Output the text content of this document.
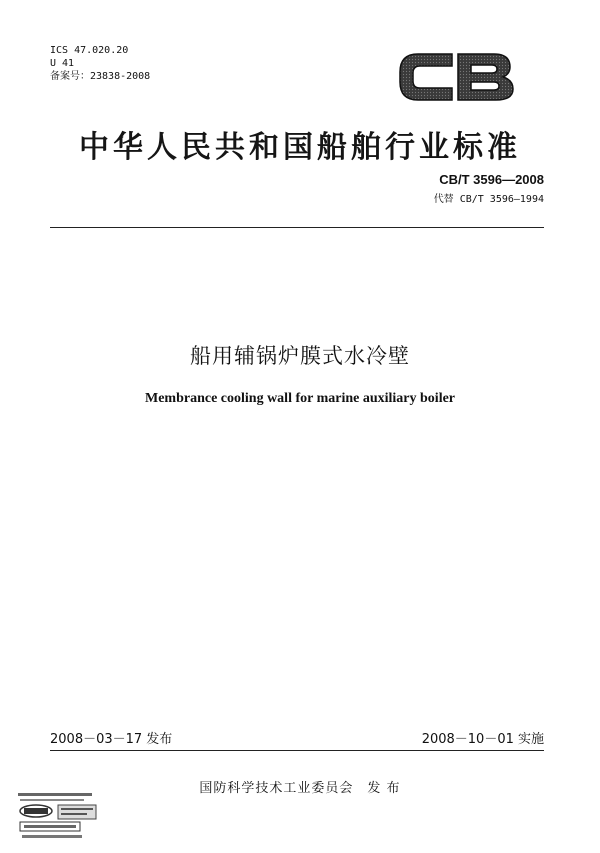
ICS 47.020.20
U 41
备案号：23838-2008
中华人民共和国船舶行业标准
CB/T 3596—2008
代替 CB/T 3596—1994
船用辅锅炉膜式水冷壁
Membrance cooling wall for marine auxiliary boiler
2008－03－17 发布	2008－10－01 实施
国防科学技术工业委员会　发 布
